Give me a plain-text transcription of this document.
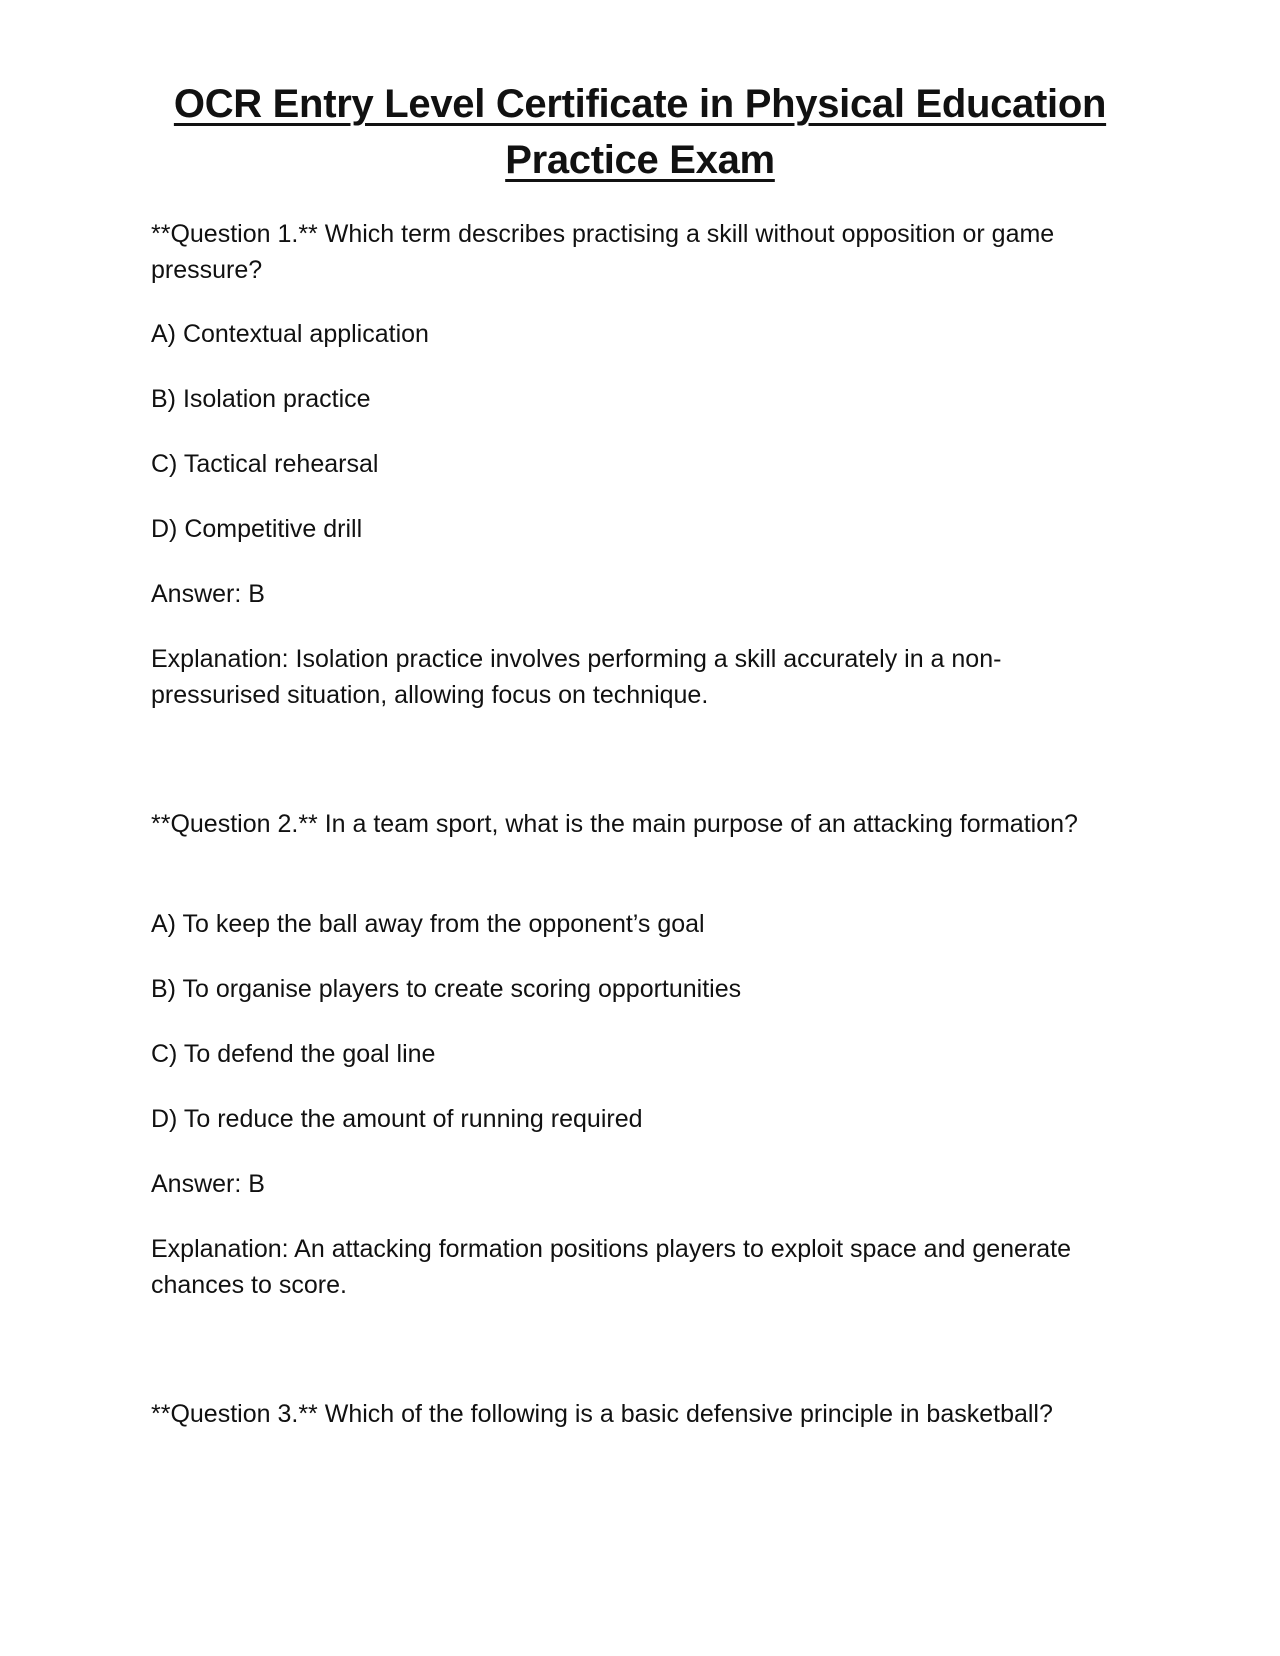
OCR Entry Level Certificate in Physical Education
Practice Exam

**Question 1.** Which term describes practising a skill without opposition or game pressure?

A) Contextual application

B) Isolation practice

C) Tactical rehearsal

D) Competitive drill

Answer: B

Explanation: Isolation practice involves performing a skill accurately in a non-pressurised situation, allowing focus on technique.

**Question 2.** In a team sport, what is the main purpose of an attacking formation?

A) To keep the ball away from the opponent’s goal

B) To organise players to create scoring opportunities

C) To defend the goal line

D) To reduce the amount of running required

Answer: B

Explanation: An attacking formation positions players to exploit space and generate chances to score.

**Question 3.** Which of the following is a basic defensive principle in basketball?
